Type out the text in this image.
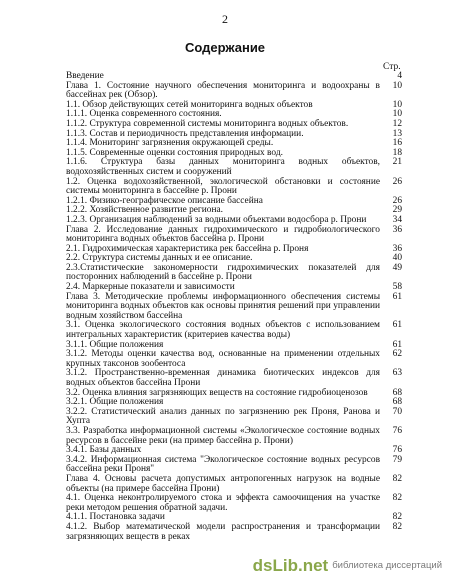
2
Содержание
Стр.
Введение	4
Глава 1. Состояние научного обеспечения мониторинга и водоохраны в бассейнах рек (Обзор).
10
1.1. Обзор действующих сетей мониторинга водных объектов	10
1.1.1. Оценка современного состояния.	10
1.1.2. Структура современной системы мониторинга водных объектов.	12
1.1.3. Состав и периодичность представления информации.	13
1.1.4. Мониторинг загрязнения окружающей среды.	16
1.1.5. Современные оценки состояния природных вод.	18
1.1.6. Структура базы данных мониторинга водных объектов, водохозяйственных систем и сооружений
21
1.2. Оценка водохозяйственной, экологической обстановки и состояние системы мониторинга в бассейне р. Прони
26
1.2.1. Физико-географическое описание бассейна	26
1.2.2. Хозяйственное развитие региона.	29
1.2.3. Организация наблюдений за водными объектами водосбора р. Прони	34
Глава 2. Исследование данных гидрохимического и гидробиологического мониторинга водных объектов бассейна р. Прони
36
2.1. Гидрохимическая характеристика рек бассейна р. Проня	36
2.2. Структура системы данных и ее описание.	40
2.3.Статистические закономерности гидрохимических показателей для посторонних наблюдений в бассейне р. Прони
49
2.4. Маркерные показатели и зависимости	58
Глава 3. Методические проблемы информационного обеспечения системы мониторинга водных объектов как основы принятия решений при управлении водным хозяйством бассейна
61
3.1. Оценка экологического состояния водных объектов с использованием интегральных характеристик (критериев качества воды)
61
3.1.1. Общие положения	61
3.1.2. Методы оценки качества вод, основанные на применении отдельных крупных таксонов зообентоса
62
3.1.2. Пространственно-временная динамика биотических индексов для водных объектов бассейна Прони
63
3.2. Оценка влияния загрязняющих веществ на состояние гидробиоценозов	68
3.2.1. Общие положения	68
3.2.2. Статистический анализ данных по загрязнению рек Проня, Ранова и Хупта
70
3.3. Разработка информационной системы «Экологическое состояние водных ресурсов в бассейне реки (на пример бассейна р. Прони)
76
3.4.1. Базы данных	76
3.4.2. Информационная система "Экологическое состояние водных ресурсов бассейна реки Проня"
79
Глава 4. Основы расчета допустимых антропогенных нагрузок на водные объекты (на примере бассейна Прони)
82
4.1. Оценка неконтролируемого стока и эффекта самоочищения на участке реки методом решения обратной задачи.
82
4.1.1. Постановка задачи	82
4.1.2. Выбор математической модели распространения и трансформации загрязняющих веществ в реках
82
dsLib.net библиотека диссертаций
